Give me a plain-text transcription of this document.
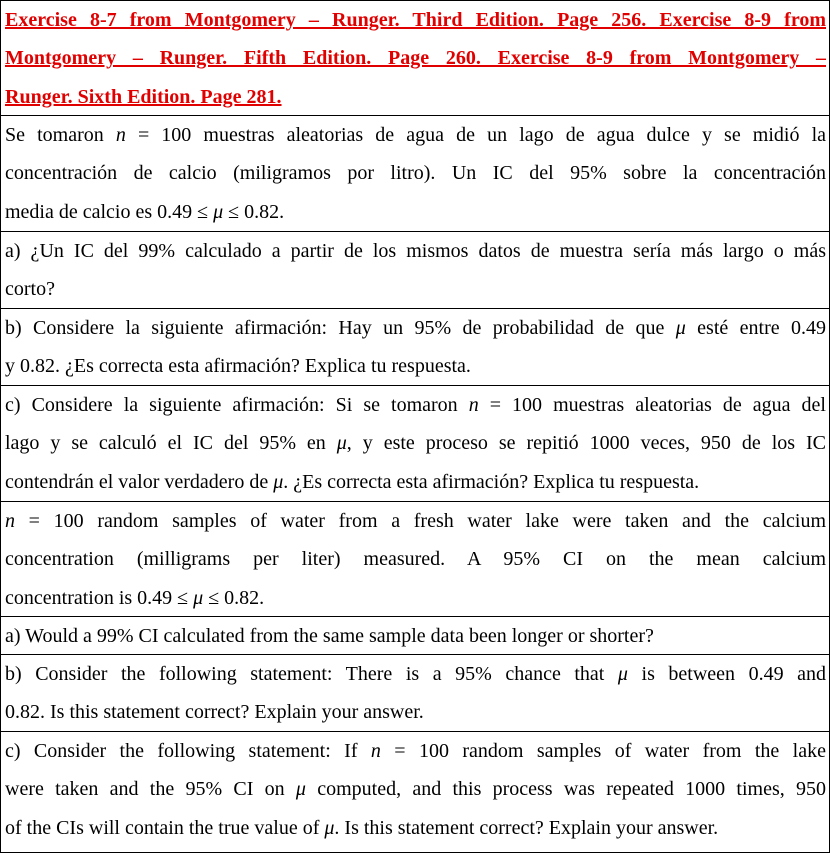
Exercise 8-7 from Montgomery – Runger. Third Edition. Page 256. Exercise 8-9 from
Montgomery – Runger. Fifth Edition. Page 260. Exercise 8-9 from Montgomery –
Runger. Sixth Edition. Page 281.
Se tomaron n = 100 muestras aleatorias de agua de un lago de agua dulce y se midió la
concentración de calcio (miligramos por litro). Un IC del 95% sobre la concentración
media de calcio es 0.49 ≤ μ ≤ 0.82.
a) ¿Un IC del 99% calculado a partir de los mismos datos de muestra sería más largo o más
corto?
b) Considere la siguiente afirmación: Hay un 95% de probabilidad de que μ esté entre 0.49
y 0.82. ¿Es correcta esta afirmación? Explica tu respuesta.
c) Considere la siguiente afirmación: Si se tomaron n = 100 muestras aleatorias de agua del
lago y se calculó el IC del 95% en μ, y este proceso se repitió 1000 veces, 950 de los IC
contendrán el valor verdadero de μ. ¿Es correcta esta afirmación? Explica tu respuesta.
n = 100 random samples of water from a fresh water lake were taken and the calcium
concentration (milligrams per liter) measured. A 95% CI on the mean calcium
concentration is 0.49 ≤ μ ≤ 0.82.
a) Would a 99% CI calculated from the same sample data been longer or shorter?
b) Consider the following statement: There is a 95% chance that μ is between 0.49 and
0.82. Is this statement correct? Explain your answer.
c) Consider the following statement: If n = 100 random samples of water from the lake
were taken and the 95% CI on μ computed, and this process was repeated 1000 times, 950
of the CIs will contain the true value of μ. Is this statement correct? Explain your answer.
